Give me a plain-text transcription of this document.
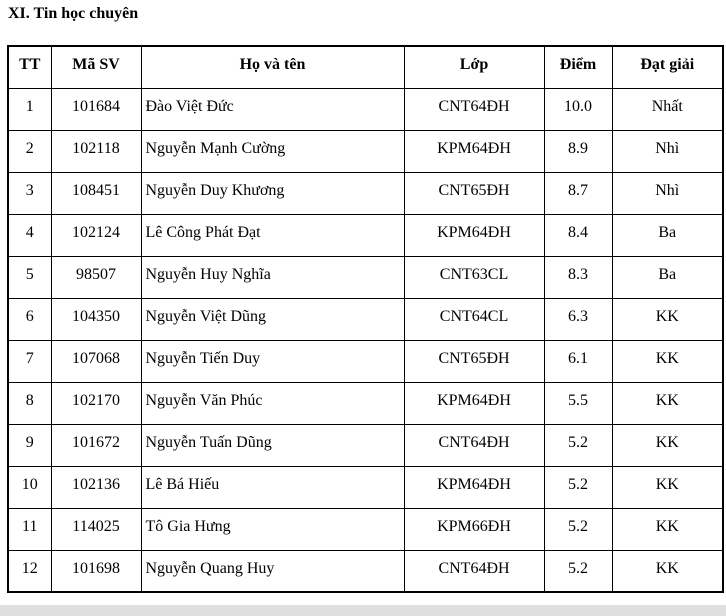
XI. Tin học chuyên
TT	Mã SV	Họ và tên	Lớp	Điểm	Đạt giải
1	101684	Đào Việt Đức	CNT64ĐH	10.0	Nhất
2	102118	Nguyễn Mạnh Cường	KPM64ĐH	8.9	Nhì
3	108451	Nguyễn Duy Khương	CNT65ĐH	8.7	Nhì
4	102124	Lê Công Phát Đạt	KPM64ĐH	8.4	Ba
5	98507	Nguyễn Huy Nghĩa	CNT63CL	8.3	Ba
6	104350	Nguyễn Việt Dũng	CNT64CL	6.3	KK
7	107068	Nguyễn Tiến Duy	CNT65ĐH	6.1	KK
8	102170	Nguyễn Văn Phúc	KPM64ĐH	5.5	KK
9	101672	Nguyễn Tuấn Dũng	CNT64ĐH	5.2	KK
10	102136	Lê Bá Hiếu	KPM64ĐH	5.2	KK
11	114025	Tô Gia Hưng	KPM66ĐH	5.2	KK
12	101698	Nguyễn Quang Huy	CNT64ĐH	5.2	KK
